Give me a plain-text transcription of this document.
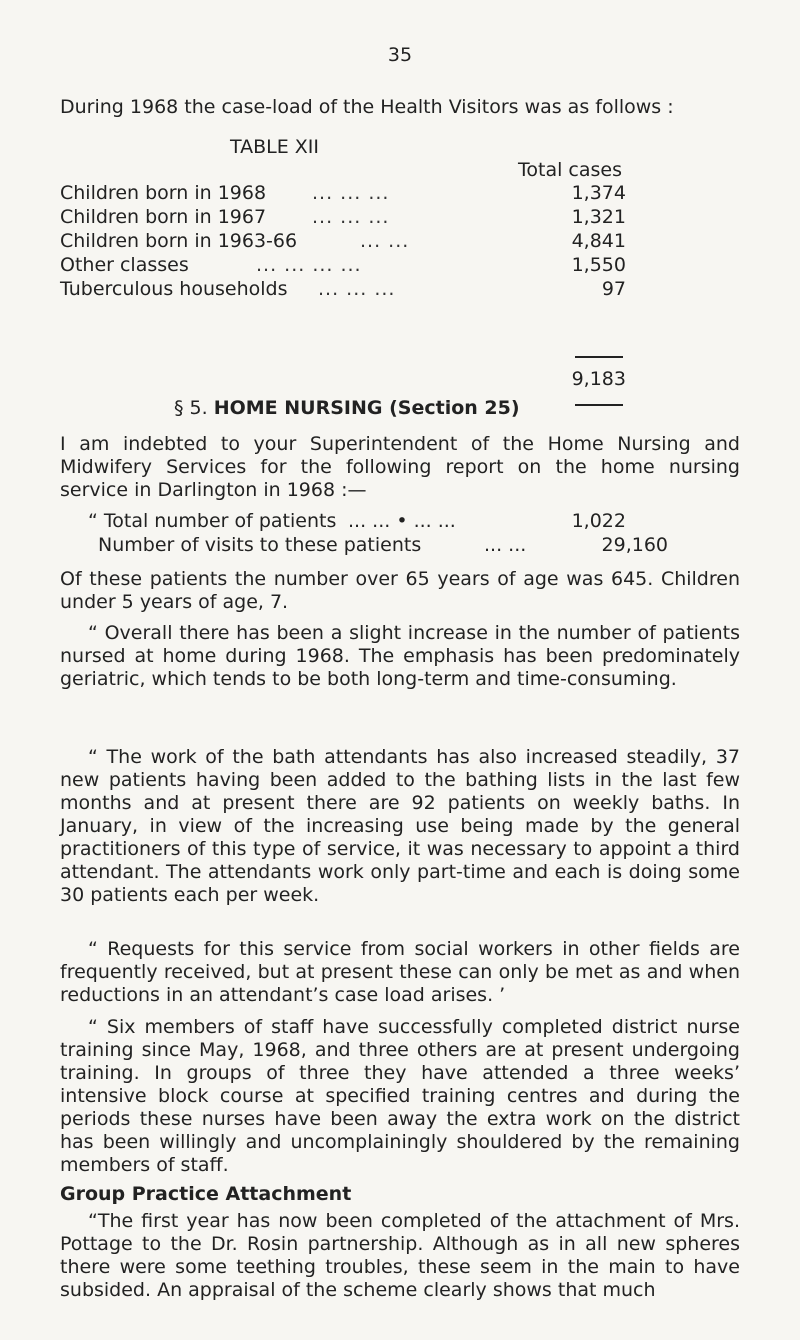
35
During 1968 the case-load of the Health Visitors was as follows :
TABLE XII
Total cases
Children born in 1968 ... ... ...	1,374
Children born in 1967 ... ... ...	1,321
Children born in 1963-66	... ...	4,841
Other classes	... ... ... ...	1,550
Tuberculous households ... ... ...	97
9,183
§ 5. HOME NURSING (Section 25)
I am indebted to your Superintendent of the Home Nursing and Midwifery Services for the following report on the home nursing service in Darlington in 1968 :—
“ Total number of patients ... ... • ... ...	1,022
Number of visits to these patients	... ...	29,160
Of these patients the number over 65 years of age was 645. Children under 5 years of age, 7.
“ Overall there has been a slight increase in the number of patients nursed at home during 1968. The emphasis has been predominately geriatric, which tends to be both long-term and time-consuming.
“ The work of the bath attendants has also increased steadily, 37 new patients having been added to the bathing lists in the last few months and at present there are 92 patients on weekly baths. In January, in view of the increasing use being made by the general practitioners of this type of service, it was necessary to appoint a third attendant. The attendants work only part-time and each is doing some 30 patients each per week.
“ Requests for this service from social workers in other fields are frequently received, but at present these can only be met as and when reductions in an attendant’s case load arises. ’
“ Six members of staff have successfully completed district nurse training since May, 1968, and three others are at present undergoing training. In groups of three they have attended a three weeks’ intensive block course at specified training centres and during the periods these nurses have been away the extra work on the district has been willingly and uncomplainingly shouldered by the remaining members of staff.
Group Practice Attachment
“The first year has now been completed of the attachment of Mrs. Pottage to the Dr. Rosin partnership. Although as in all new spheres there were some teething troubles, these seem in the main to have subsided. An appraisal of the scheme clearly shows that much
